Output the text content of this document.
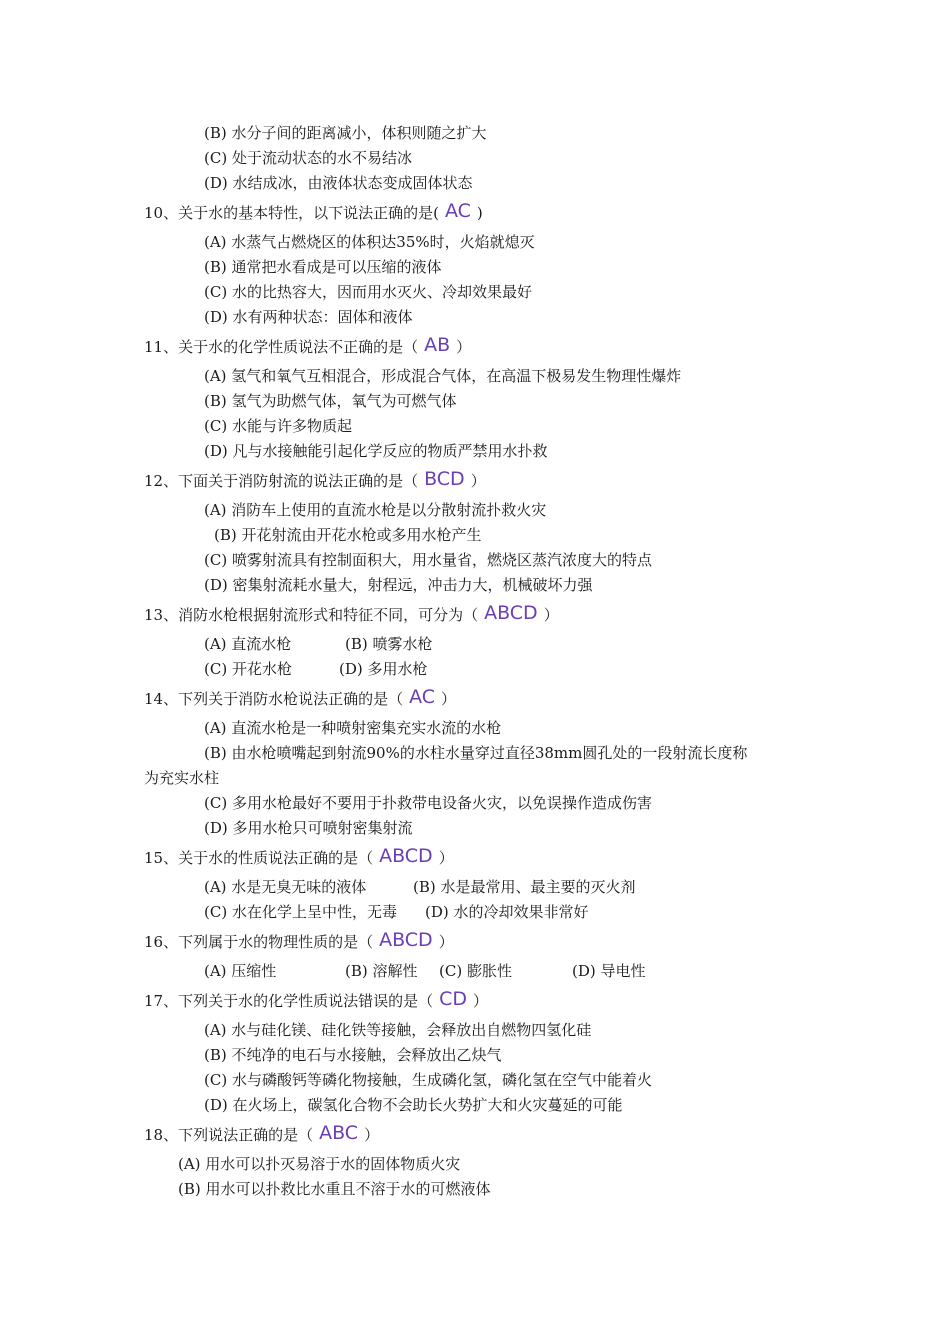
(B) 水分子间的距离减小，体积则随之扩大
(C) 处于流动状态的水不易结冰
(D) 水结成冰，由液体状态变成固体状态
10、关于水的基本特性，以下说法正确的是( AC )
(A) 水蒸气占燃烧区的体积达35%时，火焰就熄灭
(B) 通常把水看成是可以压缩的液体
(C) 水的比热容大，因而用水灭火、冷却效果最好
(D) 水有两种状态：固体和液体
11、关于水的化学性质说法不正确的是（ AB ）
(A) 氢气和氧气互相混合，形成混合气体，在高温下极易发生物理性爆炸
(B) 氢气为助燃气体，氧气为可燃气体
(C) 水能与许多物质起
(D) 凡与水接触能引起化学反应的物质严禁用水扑救
12、下面关于消防射流的说法正确的是（ BCD ）
(A) 消防车上使用的直流水枪是以分散射流扑救火灾
(B) 开花射流由开花水枪或多用水枪产生
(C) 喷雾射流具有控制面积大，用水量省，燃烧区蒸汽浓度大的特点
(D) 密集射流耗水量大，射程远，冲击力大，机械破坏力强
13、消防水枪根据射流形式和特征不同，可分为（ ABCD ）
(A) 直流水枪	(B) 喷雾水枪
(C) 开花水枪	(D) 多用水枪
14、下列关于消防水枪说法正确的是（ AC ）
(A) 直流水枪是一种喷射密集充实水流的水枪
(B) 由水枪喷嘴起到射流90%的水柱水量穿过直径38mm圆孔处的一段射流长度称
为充实水柱
(C) 多用水枪最好不要用于扑救带电设备火灾，以免误操作造成伤害
(D) 多用水枪只可喷射密集射流
15、关于水的性质说法正确的是（ ABCD ）
(A) 水是无臭无味的液体	(B) 水是最常用、最主要的灭火剂
(C) 水在化学上呈中性，无毒 (D) 水的冷却效果非常好
16、下列属于水的物理性质的是（ ABCD ）
(A) 压缩性	(B) 溶解性 (C) 膨胀性	(D) 导电性
17、下列关于水的化学性质说法错误的是（ CD ）
(A) 水与硅化镁、硅化铁等接触，会释放出自燃物四氢化硅
(B) 不纯净的电石与水接触，会释放出乙炔气
(C) 水与磷酸钙等磷化物接触，生成磷化氢，磷化氢在空气中能着火
(D) 在火场上，碳氢化合物不会助长火势扩大和火灾蔓延的可能
18、下列说法正确的是（ ABC ）
(A) 用水可以扑灭易溶于水的固体物质火灾
(B) 用水可以扑救比水重且不溶于水的可燃液体
